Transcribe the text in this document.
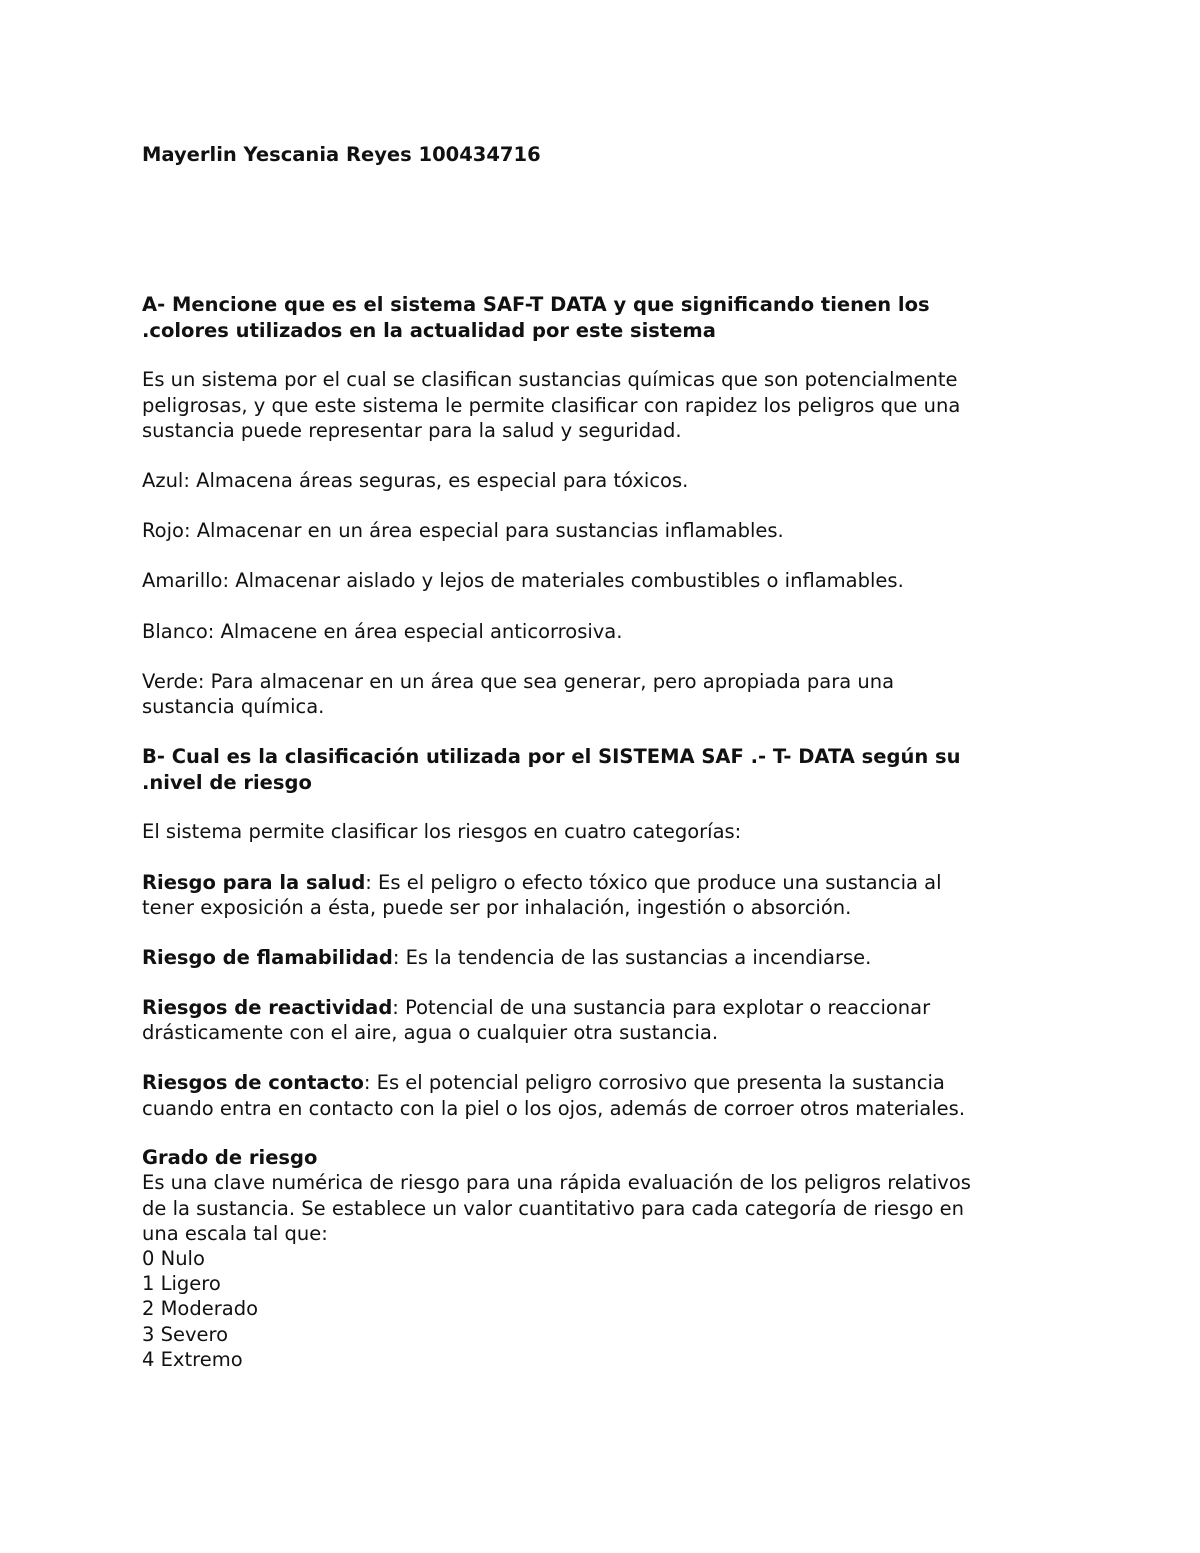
Mayerlin Yescania Reyes 100434716
A- Mencione que es el sistema SAF-T DATA y que significando tienen los
.colores utilizados en la actualidad por este sistema
Es un sistema por el cual se clasifican sustancias químicas que son potencialmente
peligrosas, y que este sistema le permite clasificar con rapidez los peligros que una
sustancia puede representar para la salud y seguridad.
Azul: Almacena áreas seguras, es especial para tóxicos.
Rojo: Almacenar en un área especial para sustancias inflamables.
Amarillo: Almacenar aislado y lejos de materiales combustibles o inflamables.
Blanco: Almacene en área especial anticorrosiva.
Verde: Para almacenar en un área que sea generar, pero apropiada para una
sustancia química.
B- Cual es la clasificación utilizada por el SISTEMA SAF .- T- DATA según su
.nivel de riesgo
El sistema permite clasificar los riesgos en cuatro categorías:
Riesgo para la salud: Es el peligro o efecto tóxico que produce una sustancia al
tener exposición a ésta, puede ser por inhalación, ingestión o absorción.
Riesgo de flamabilidad: Es la tendencia de las sustancias a incendiarse.
Riesgos de reactividad: Potencial de una sustancia para explotar o reaccionar
drásticamente con el aire, agua o cualquier otra sustancia.
Riesgos de contacto: Es el potencial peligro corrosivo que presenta la sustancia
cuando entra en contacto con la piel o los ojos, además de corroer otros materiales.
Grado de riesgo
Es una clave numérica de riesgo para una rápida evaluación de los peligros relativos
de la sustancia. Se establece un valor cuantitativo para cada categoría de riesgo en
una escala tal que:
0 Nulo
1 Ligero
2 Moderado
3 Severo
4 Extremo
